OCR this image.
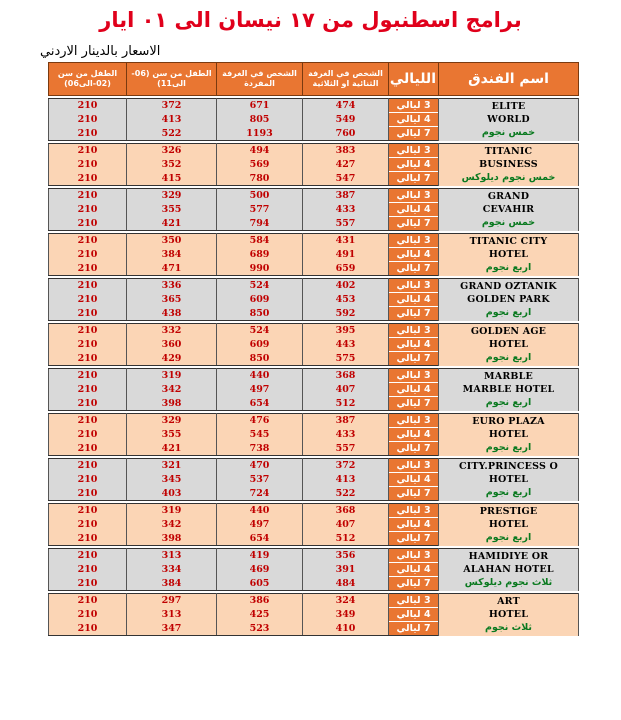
برامج اسطنبول من ١٧ نيسان الى ٠١ ايار
الاسعار بالدينار الاردني
الطفل من سن (02-الى06)	الطفل من سن (06-الى11)	الشخص في الغرفة المفردة	الشخص في الغرفة الثنائية او الثلاثية	الليالي	اسم الفندق

210	372	671	474	3 ليالي	ELITE
WORLD
خمس نجوم

210	413	805	549	4 ليالي	
210	522	1193	760	7 ليالي	

210	326	494	383	3 ليالي	TITANIC
BUSINESS
خمس نجوم ديلوكس

210	352	569	427	4 ليالي	
210	415	780	547	7 ليالي	

210	329	500	387	3 ليالي	GRAND
CEVAHIR
خمس نجوم

210	355	577	433	4 ليالي	
210	421	794	557	7 ليالي	

210	350	584	431	3 ليالي	TITANIC CITY
HOTEL
اربع نجوم

210	384	689	491	4 ليالي	
210	471	990	659	7 ليالي	

210	336	524	402	3 ليالي	GRAND OZTANIK
GOLDEN PARK
اربع نجوم

210	365	609	453	4 ليالي	
210	438	850	592	7 ليالي	

210	332	524	395	3 ليالي	GOLDEN AGE
HOTEL
اربع نجوم

210	360	609	443	4 ليالي	
210	429	850	575	7 ليالي	

210	319	440	368	3 ليالي	MARBLE
MARBLE HOTEL
اربع نجوم

210	342	497	407	4 ليالي	
210	398	654	512	7 ليالي	

210	329	476	387	3 ليالي	EURO PLAZA
HOTEL
اربع نجوم

210	355	545	433	4 ليالي	
210	421	738	557	7 ليالي	

210	321	470	372	3 ليالي	CITY.PRINCESS O
HOTEL
اربع نجوم

210	345	537	413	4 ليالي	
210	403	724	522	7 ليالي	

210	319	440	368	3 ليالي	PRESTIGE
HOTEL
اربع نجوم

210	342	497	407	4 ليالي	
210	398	654	512	7 ليالي	

210	313	419	356	3 ليالي	HAMIDIYE OR
ALAHAN HOTEL
ثلاث نجوم ديلوكس

210	334	469	391	4 ليالي	
210	384	605	484	7 ليالي	

210	297	386	324	3 ليالي	ART
HOTEL
ثلاث نجوم

210	313	425	349	4 ليالي	
210	347	523	410	7 ليالي	
